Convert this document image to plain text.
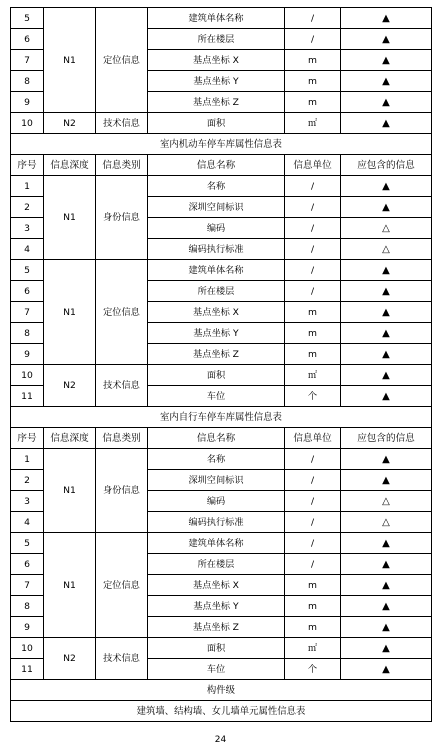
5	N1	定位信息	建筑单体名称	/	▲
6			所在楼层	/	▲
7			基点坐标 X	m	▲
8			基点坐标 Y	m	▲
9			基点坐标 Z	m	▲
10	N2	技术信息	面积	㎡	▲
室内机动车停车库属性信息表					
序号	信息深度	信息类别	信息名称	信息单位	应包含的信息
1	N1	身份信息	名称	/	▲
2			深圳空间标识	/	▲
3			编码	/	△
4			编码执行标准	/	△
5	N1	定位信息	建筑单体名称	/	▲
6			所在楼层	/	▲
7			基点坐标 X	m	▲
8			基点坐标 Y	m	▲
9			基点坐标 Z	m	▲
10	N2	技术信息	面积	㎡	▲
11			车位	个	▲
室内自行车停车库属性信息表					
序号	信息深度	信息类别	信息名称	信息单位	应包含的信息
1	N1	身份信息	名称	/	▲
2			深圳空间标识	/	▲
3			编码	/	△
4			编码执行标准	/	△
5	N1	定位信息	建筑单体名称	/	▲
6			所在楼层	/	▲
7			基点坐标 X	m	▲
8			基点坐标 Y	m	▲
9			基点坐标 Z	m	▲
10	N2	技术信息	面积	㎡	▲
11			车位	个	▲
构件级					
建筑墙、结构墙、女儿墙单元属性信息表					
24
